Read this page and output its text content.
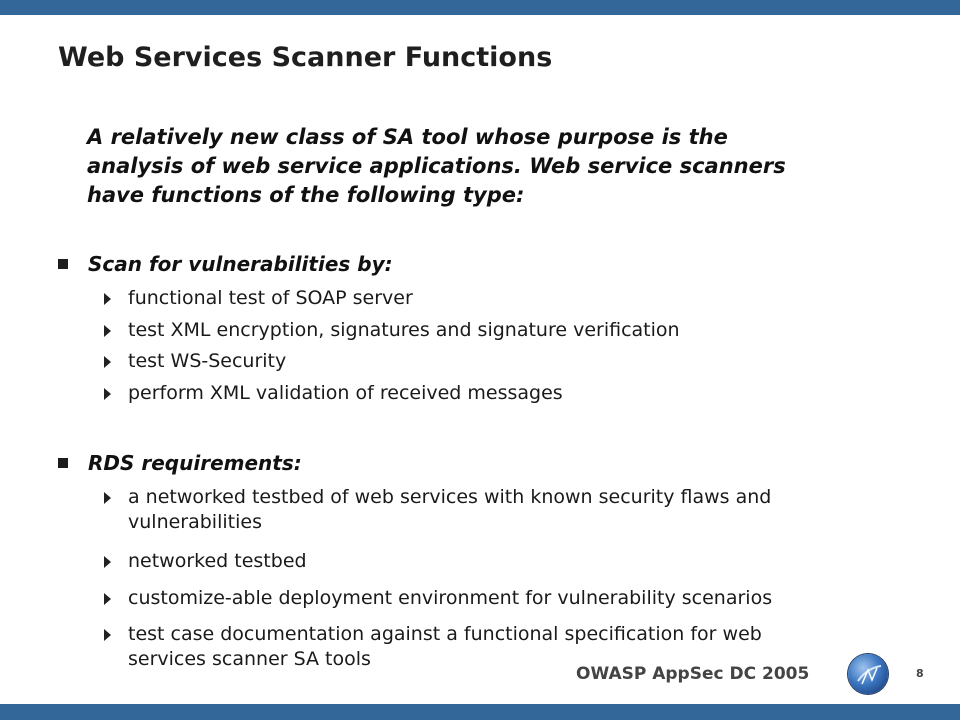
Web Services Scanner Functions
A relatively new class of SA tool whose purpose is the
analysis of web service applications. Web service scanners
have functions of the following type:
Scan for vulnerabilities by:
functional test of SOAP server
test XML encryption, signatures and signature verification
test WS-Security
perform XML validation of received messages
RDS requirements:
a networked testbed of web services with known security flaws and
vulnerabilities
networked testbed
customize-able deployment environment for vulnerability scenarios
test case documentation against a functional specification for web
services scanner SA tools
OWASP AppSec DC 2005	8
